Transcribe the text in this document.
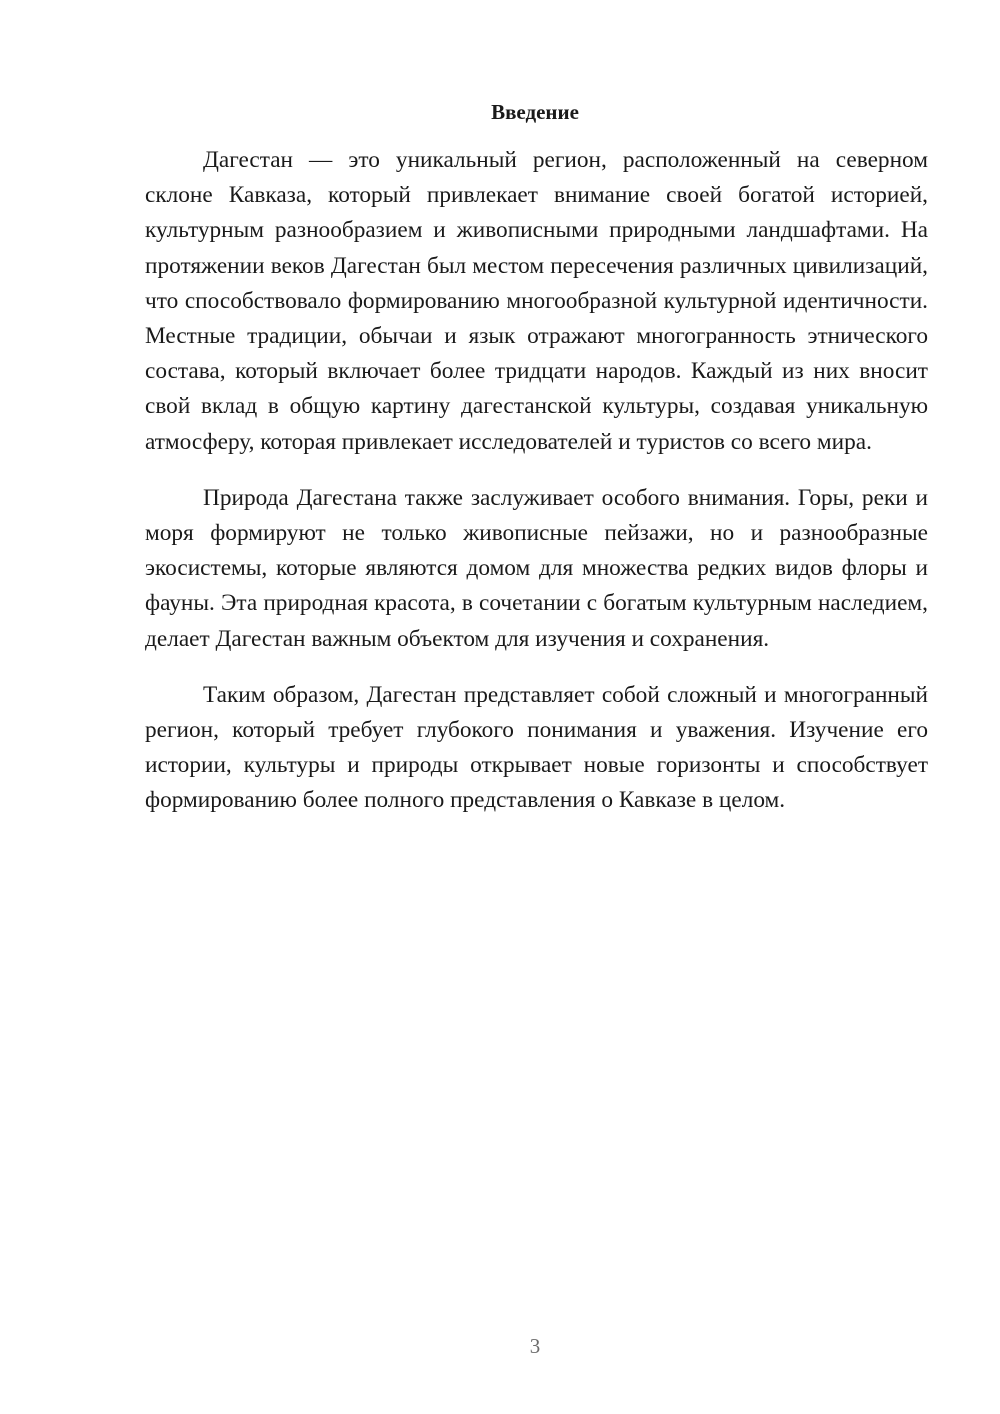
Введение

Дагестан — это уникальный регион, расположенный на северном склоне Кавказа, который привлекает внимание своей богатой историей, культурным разнообразием и живописными природными ландшафтами. На протяжении веков Дагестан был местом пересечения различных цивилизаций, что способствовало формированию многообразной культурной идентичности. Местные традиции, обычаи и язык отражают многогранность этнического состава, который включает более тридцати народов. Каждый из них вносит свой вклад в общую картину дагестанской культуры, создавая уникальную атмосферу, которая привлекает исследователей и туристов со всего мира.

Природа Дагестана также заслуживает особого внимания. Горы, реки и моря формируют не только живописные пейзажи, но и разнообразные экосистемы, которые являются домом для множества редких видов флоры и фауны. Эта природная красота, в сочетании с богатым культурным наследием, делает Дагестан важным объектом для изучения и сохранения.

Таким образом, Дагестан представляет собой сложный и многогранный регион, который требует глубокого понимания и уважения. Изучение его истории, культуры и природы открывает новые горизонты и способствует формированию более полного представления о Кавказе в целом.

3
